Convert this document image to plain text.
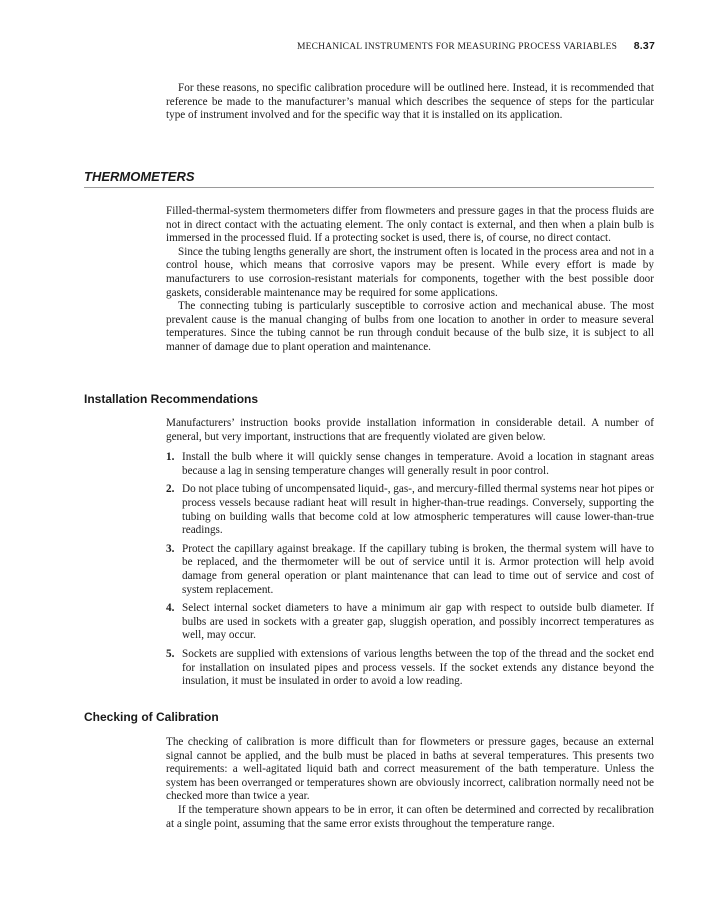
MECHANICAL INSTRUMENTS FOR MEASURING PROCESS VARIABLES 8.37

For these reasons, no specific calibration procedure will be outlined here. Instead, it is recommended that reference be made to the manufacturer’s manual which describes the sequence of steps for the particular type of instrument involved and for the specific way that it is installed on its application.

THERMOMETERS

Filled-thermal-system thermometers differ from flowmeters and pressure gages in that the process fluids are not in direct contact with the actuating element. The only contact is external, and then when a plain bulb is immersed in the processed fluid. If a protecting socket is used, there is, of course, no direct contact.

Since the tubing lengths generally are short, the instrument often is located in the process area and not in a control house, which means that corrosive vapors may be present. While every effort is made by manufacturers to use corrosion-resistant materials for components, together with the best possible door gaskets, considerable maintenance may be required for some applications.

The connecting tubing is particularly susceptible to corrosive action and mechanical abuse. The most prevalent cause is the manual changing of bulbs from one location to another in order to measure several temperatures. Since the tubing cannot be run through conduit because of the bulb size, it is subject to all manner of damage due to plant operation and maintenance.

Installation Recommendations

Manufacturers’ instruction books provide installation information in considerable detail. A number of general, but very important, instructions that are frequently violated are given below.

1. Install the bulb where it will quickly sense changes in temperature. Avoid a location in stagnant areas because a lag in sensing temperature changes will generally result in poor control.
2. Do not place tubing of uncompensated liquid-, gas-, and mercury-filled thermal systems near hot pipes or process vessels because radiant heat will result in higher-than-true readings. Conversely, supporting the tubing on building walls that become cold at low atmospheric temperatures will cause lower-than-true readings.
3. Protect the capillary against breakage. If the capillary tubing is broken, the thermal system will have to be replaced, and the thermometer will be out of service until it is. Armor protection will help avoid damage from general operation or plant maintenance that can lead to time out of service and cost of system replacement.
4. Select internal socket diameters to have a minimum air gap with respect to outside bulb diameter. If bulbs are used in sockets with a greater gap, sluggish operation, and possibly incorrect temperatures as well, may occur.
5. Sockets are supplied with extensions of various lengths between the top of the thread and the socket end for installation on insulated pipes and process vessels. If the socket extends any distance beyond the insulation, it must be insulated in order to avoid a low reading.
Checking of Calibration

The checking of calibration is more difficult than for flowmeters or pressure gages, because an external signal cannot be applied, and the bulb must be placed in baths at several temperatures. This presents two requirements: a well-agitated liquid bath and correct measurement of the bath temperature. Unless the system has been overranged or temperatures shown are obviously incorrect, calibration normally need not be checked more than twice a year.

If the temperature shown appears to be in error, it can often be determined and corrected by recalibration at a single point, assuming that the same error exists throughout the temperature range.
